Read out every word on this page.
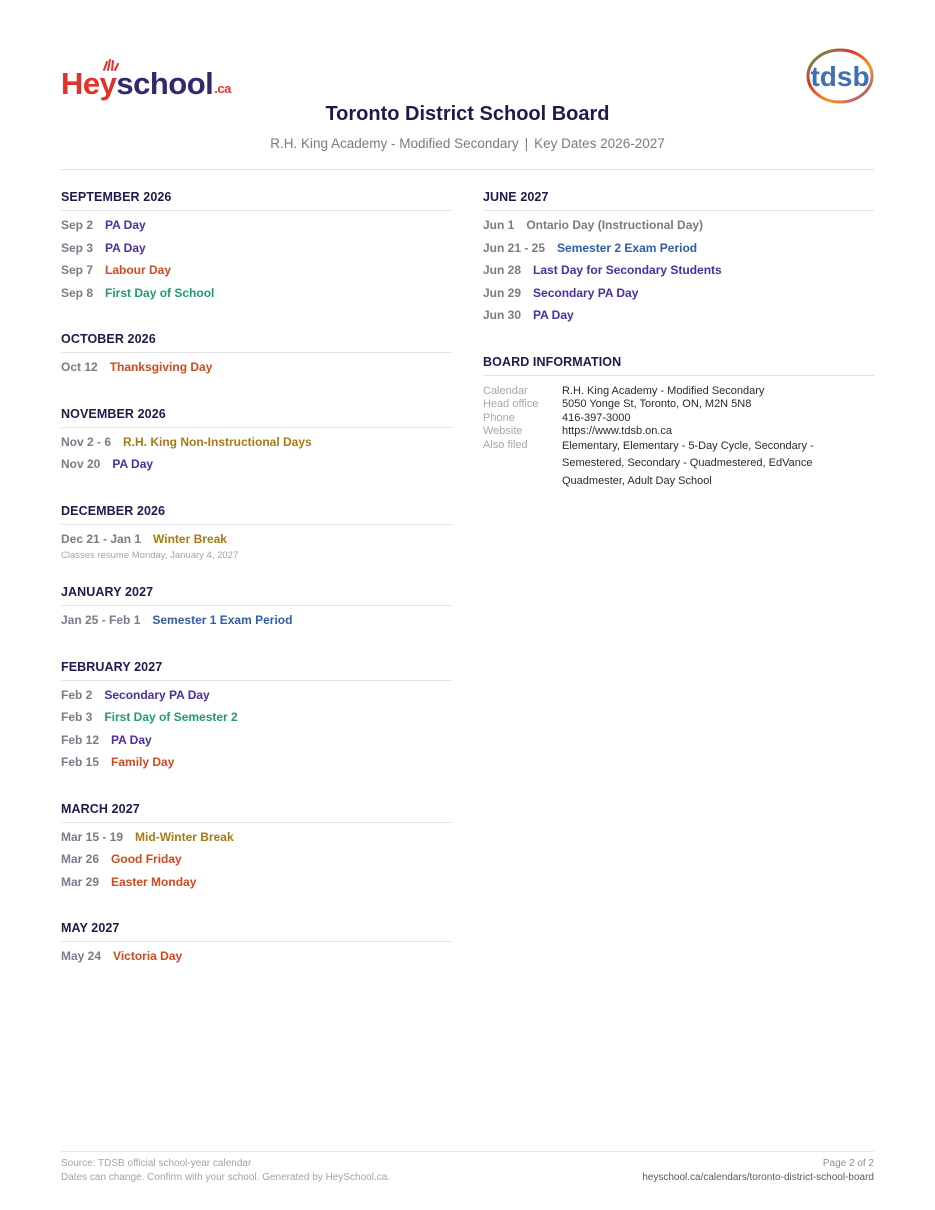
Hey school .ca	tdsb
Toronto District School Board
R.H. King Academy - Modified Secondary | Key Dates 2026-2027
SEPTEMBER 2026
Sep 2 PA Day
Sep 3 PA Day
Sep 7 Labour Day
Sep 8 First Day of School
OCTOBER 2026
Oct 12 Thanksgiving Day
NOVEMBER 2026
Nov 2 - 6 R.H. King Non-Instructional Days
Nov 20 PA Day
DECEMBER 2026
Dec 21 - Jan 1 Winter Break
Classes resume Monday, January 4, 2027
JANUARY 2027
Jan 25 - Feb 1 Semester 1 Exam Period
FEBRUARY 2027
Feb 2 Secondary PA Day
Feb 3 First Day of Semester 2
Feb 12 PA Day
Feb 15 Family Day
MARCH 2027
Mar 15 - 19 Mid-Winter Break
Mar 26 Good Friday
Mar 29 Easter Monday
MAY 2027
May 24 Victoria Day
JUNE 2027
Jun 1 Ontario Day (Instructional Day)
Jun 21 - 25 Semester 2 Exam Period
Jun 28 Last Day for Secondary Students
Jun 29 Secondary PA Day
Jun 30 PA Day
BOARD INFORMATION
Calendar	R.H. King Academy - Modified Secondary
Head office	5050 Yonge St, Toronto, ON, M2N 5N8
Phone	416-397-3000
Website	https://www.tdsb.on.ca
Also filed	Elementary, Elementary - 5-Day Cycle, Secondary - Semestered, Secondary - Quadmestered, EdVance Quadmester, Adult Day School
Source: TDSB official school-year calendar
Dates can change. Confirm with your school. Generated by HeySchool.ca.
Page 2 of 2
heyschool.ca/calendars/toronto-district-school-board
